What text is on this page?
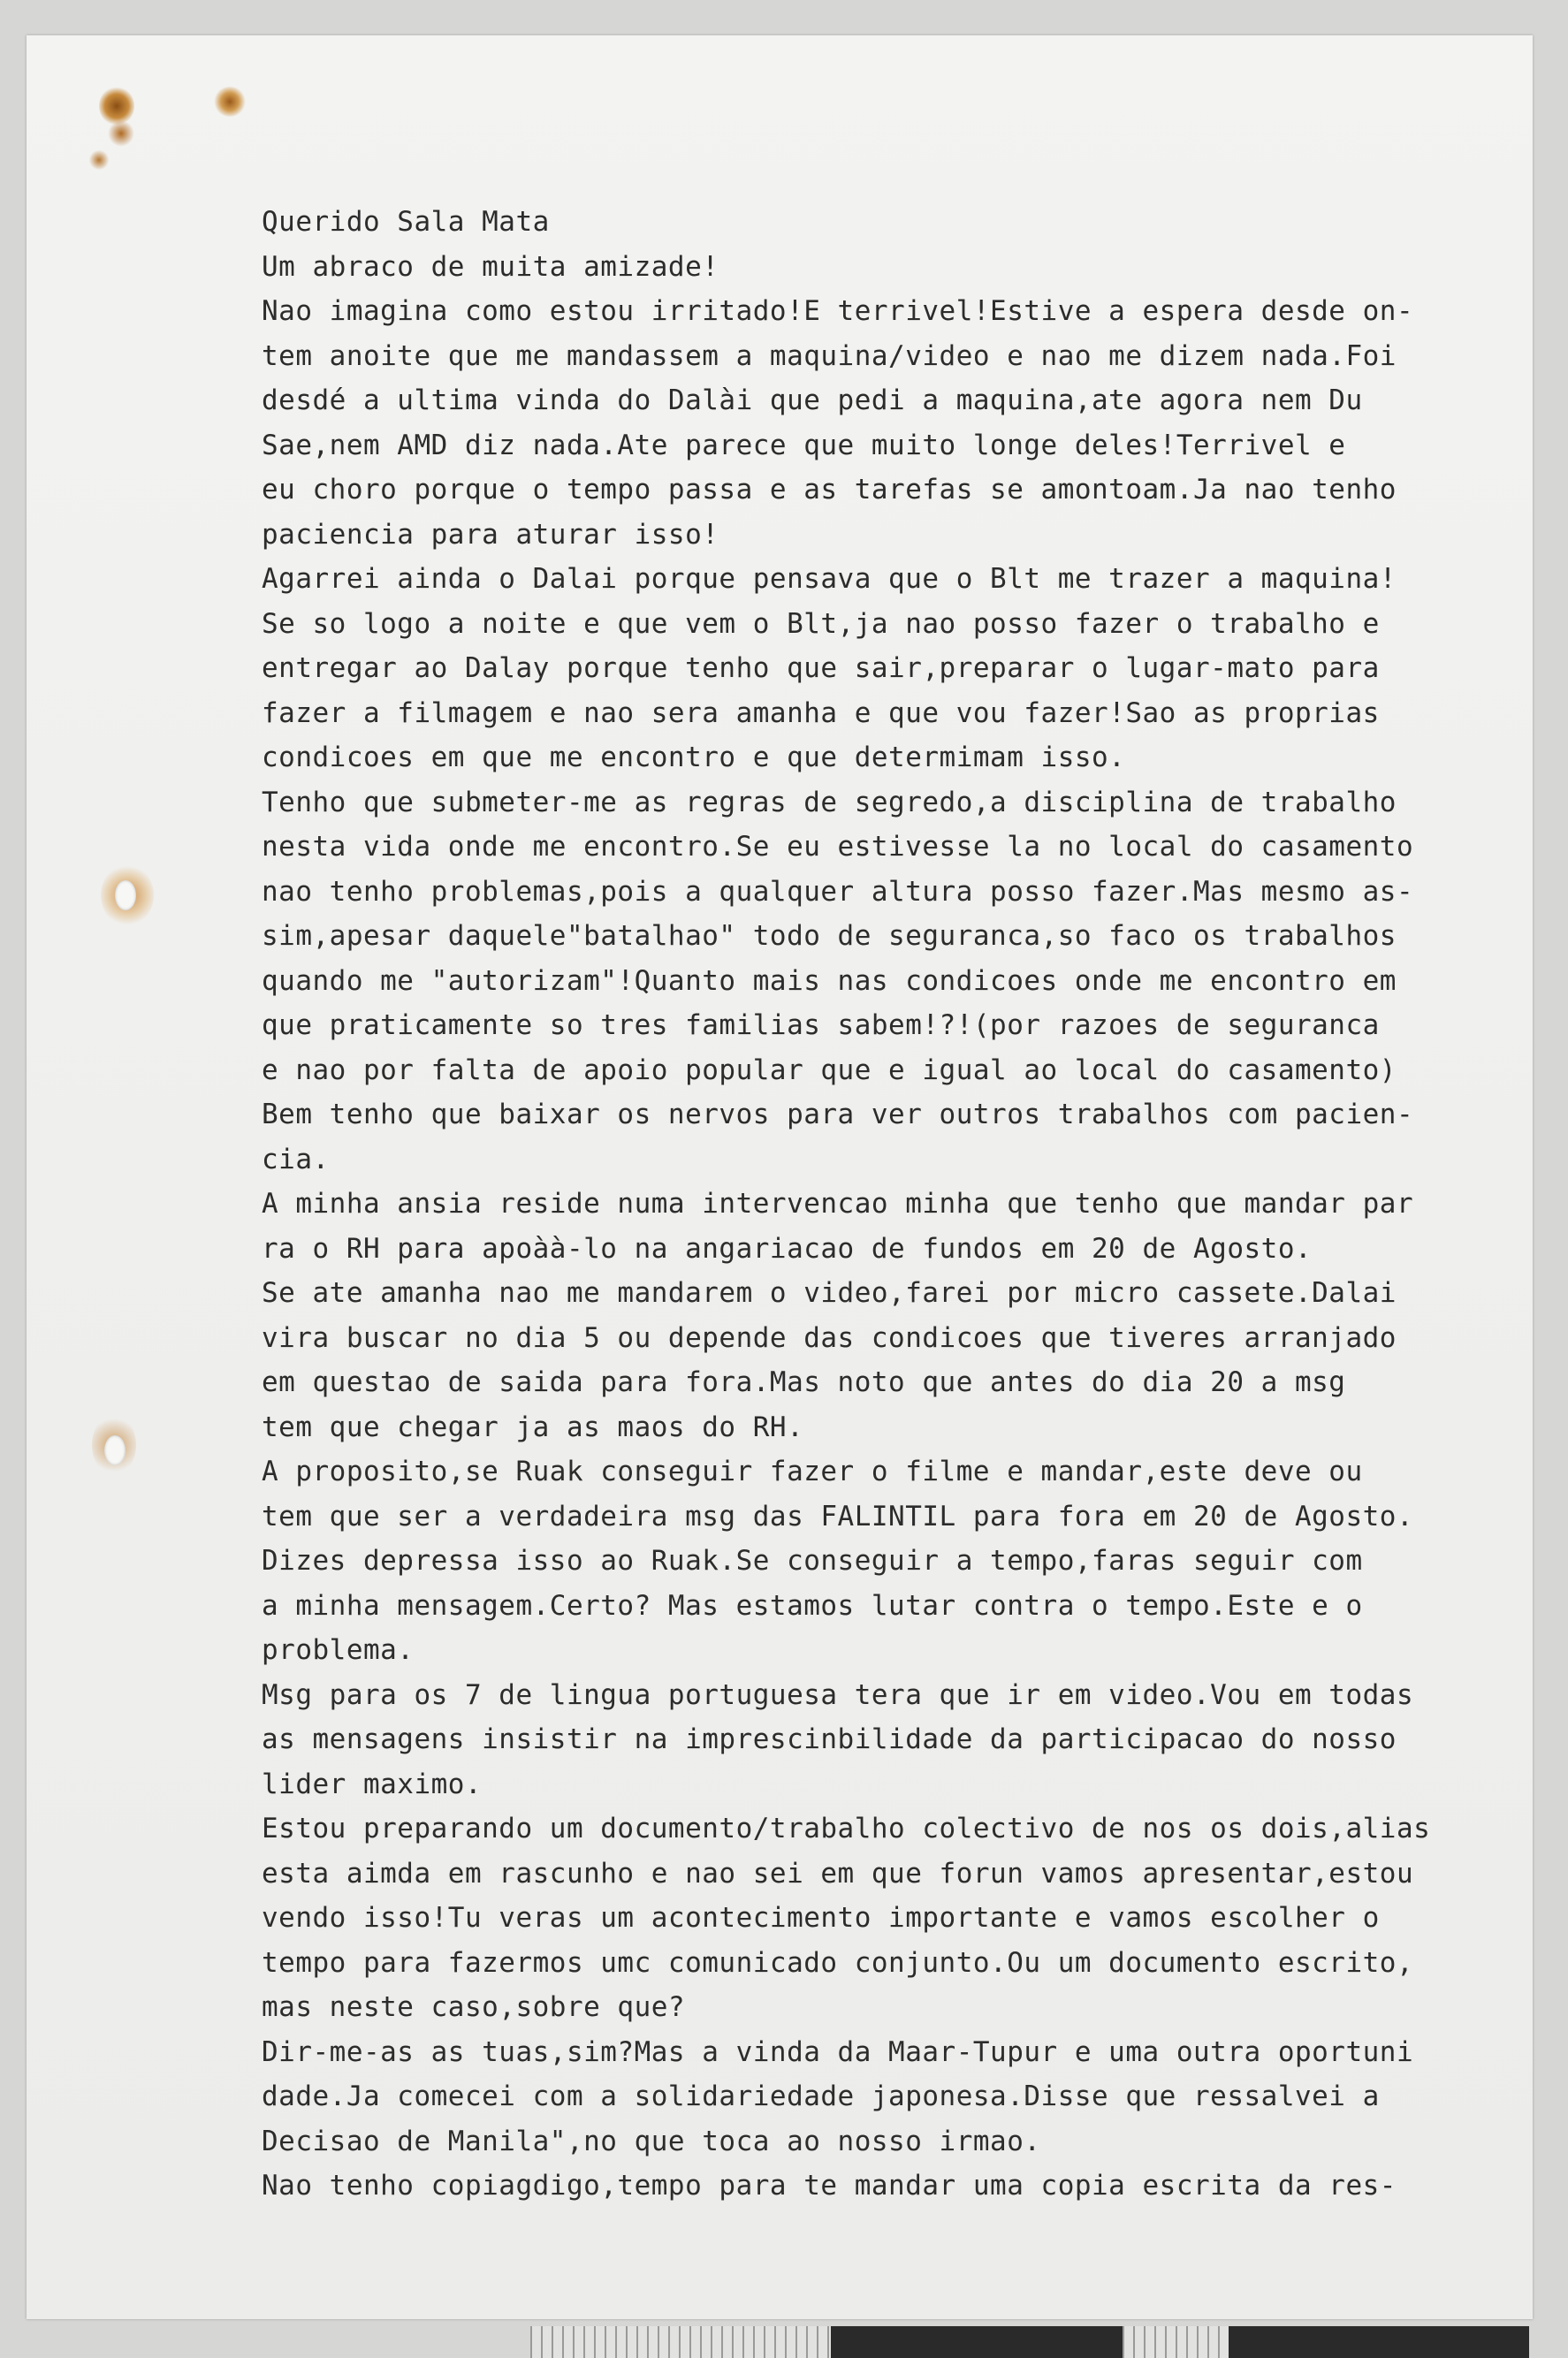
Querido Sala Mata
Um abraco de muita amizade!
Nao imagina como estou irritado!E terrivel!Estive a espera desde on-
tem anoite que me mandassem a maquina/video e nao me dizem nada.Foi
desdé a ultima vinda do Dalài que pedi a maquina,ate agora nem Du
Sae,nem AMD diz nada.Ate parece que muito longe deles!Terrivel e
eu choro porque o tempo passa e as tarefas se amontoam.Ja nao tenho
paciencia para aturar isso!
Agarrei ainda o Dalai porque pensava que o Blt me trazer a maquina!
Se so logo a noite e que vem o Blt,ja nao posso fazer o trabalho e
entregar ao Dalay porque tenho que sair,preparar o lugar-mato para
fazer a filmagem e nao sera amanha e que vou fazer!Sao as proprias
condicoes em que me encontro e que determimam isso.
Tenho que submeter-me as regras de segredo,a disciplina de trabalho
nesta vida onde me encontro.Se eu estivesse la no local do casamento
nao tenho problemas,pois a qualquer altura posso fazer.Mas mesmo as-
sim,apesar daquele"batalhao" todo de seguranca,so faco os trabalhos
quando me "autorizam"!Quanto mais nas condicoes onde me encontro em
que praticamente so tres familias sabem!?!(por razoes de seguranca
e nao por falta de apoio popular que e igual ao local do casamento)
Bem tenho que baixar os nervos para ver outros trabalhos com pacien-
cia.
A minha ansia reside numa intervencao minha que tenho que mandar par
ra o RH para apoàà-lo na angariacao de fundos em 20 de Agosto.
Se ate amanha nao me mandarem o video,farei por micro cassete.Dalai
vira buscar no dia 5 ou depende das condicoes que tiveres arranjado
em questao de saida para fora.Mas noto que antes do dia 20 a msg
tem que chegar ja as maos do RH.
A proposito,se Ruak conseguir fazer o filme e mandar,este deve ou
tem que ser a verdadeira msg das FALINTIL para fora em 20 de Agosto.
Dizes depressa isso ao Ruak.Se conseguir a tempo,faras seguir com
a minha mensagem.Certo? Mas estamos lutar contra o tempo.Este e o
problema.
Msg para os 7 de lingua portuguesa tera que ir em video.Vou em todas
as mensagens insistir na imprescinbilidade da participacao do nosso
lider maximo.
Estou preparando um documento/trabalho colectivo de nos os dois,alias
esta aimda em rascunho e nao sei em que forun vamos apresentar,estou
vendo isso!Tu veras um acontecimento importante e vamos escolher o
tempo para fazermos umc comunicado conjunto.Ou um documento escrito,
mas neste caso,sobre que?
Dir-me-as as tuas,sim?Mas a vinda da Maar-Tupur e uma outra oportuni
dade.Ja comecei com a solidariedade japonesa.Disse que ressalvei a
Decisao de Manila",no que toca ao nosso irmao.
Nao tenho copiagdigo,tempo para te mandar uma copia escrita da res-
